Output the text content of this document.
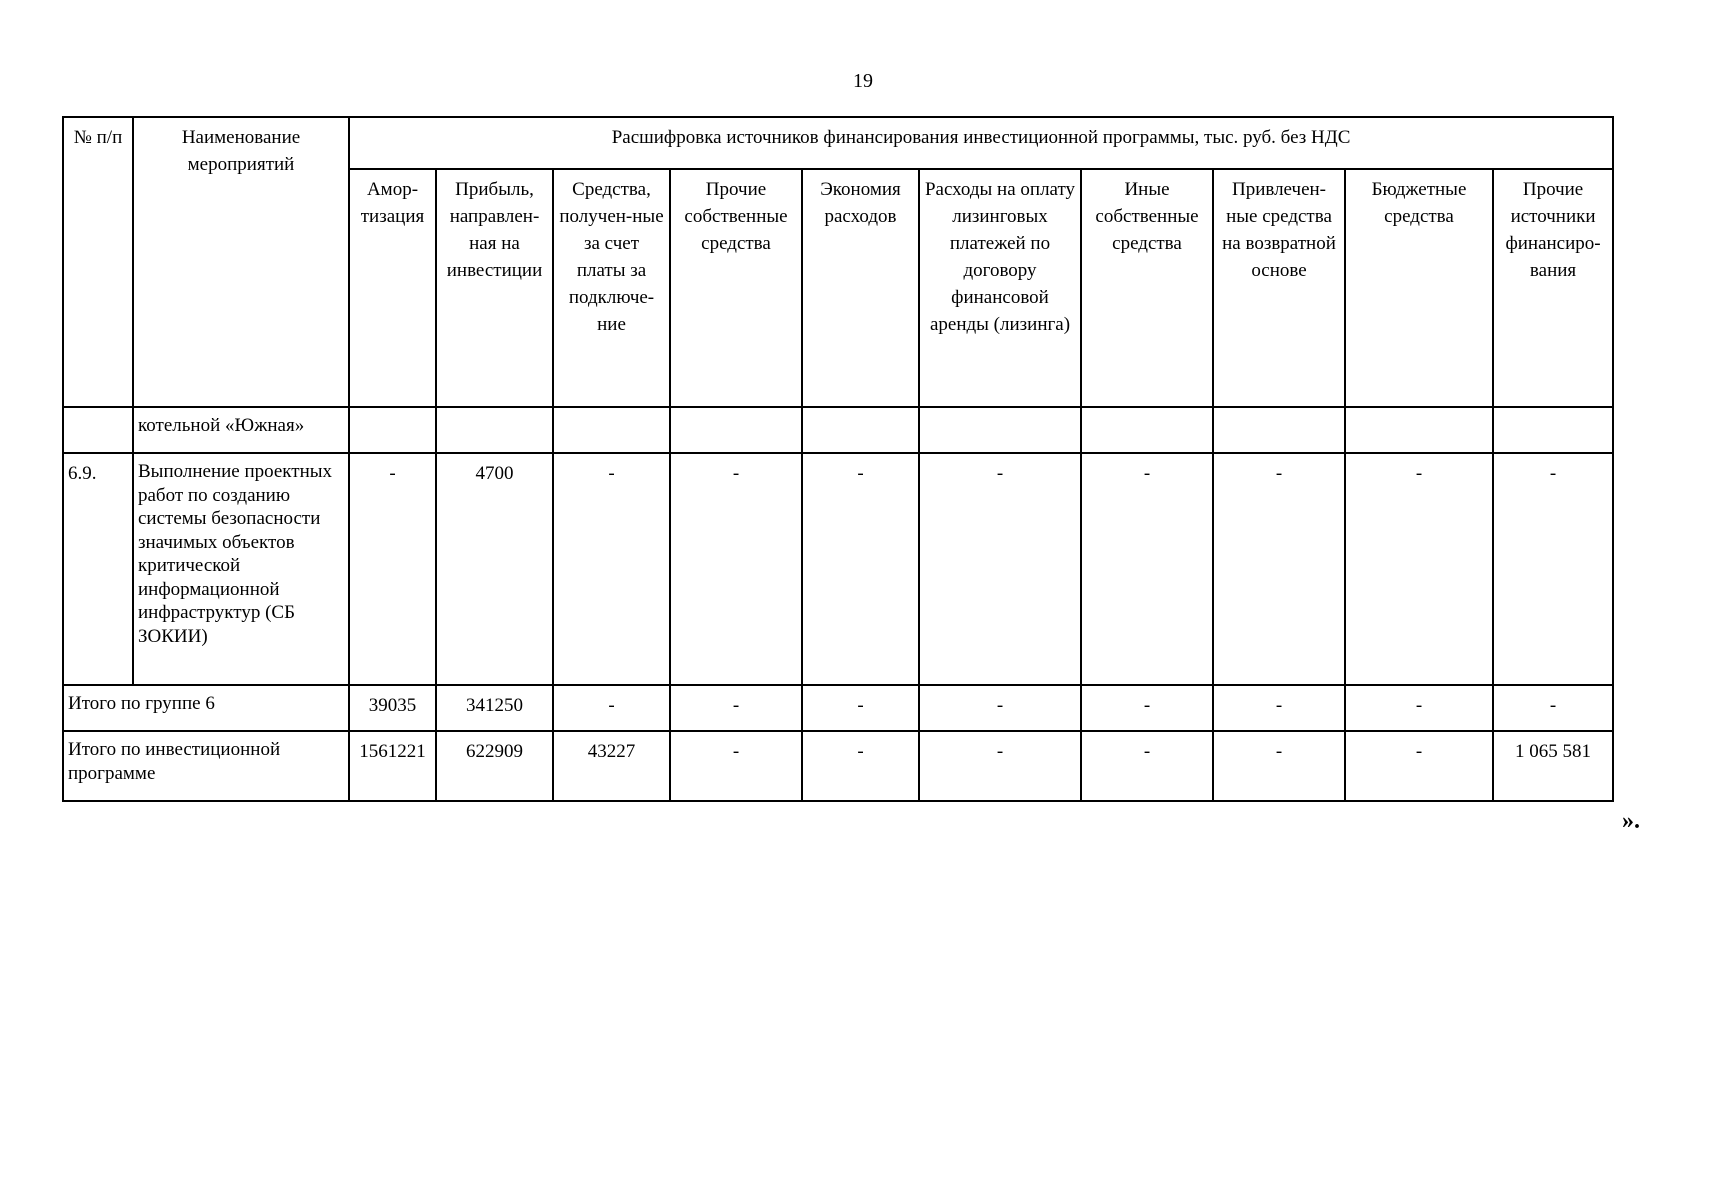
19
№ п/п	Наименование мероприятий	Расшифровка источников финансирования инвестиционной программы, тыс. руб. без НДС									
		Амор-тизация	Прибыль, направлен-ная на инвестиции	Средства, получен-ные за счет платы за подключе-ние	Прочие собственные средства	Экономия расходов	Расходы на оплату лизинговых платежей по договору финансовой аренды (лизинга)	Иные собственные средства	Привлечен-ные средства на возвратной основе	Бюджетные средства	Прочие источники финансиро-вания
	котельной «Южная»										
6.9.	Выполнение проектных работ по созданию системы безопасности значимых объектов критической информационной инфраструктур (СБ ЗОКИИ)	-	4700	-	-	-	-	-	-	-	-
Итого по группе 6		39035	341250	-	-	-	-	-	-	-	-
Итого по инвестиционной программе		1561221	622909	43227	-	-	-	-	-	-	1 065 581
».
